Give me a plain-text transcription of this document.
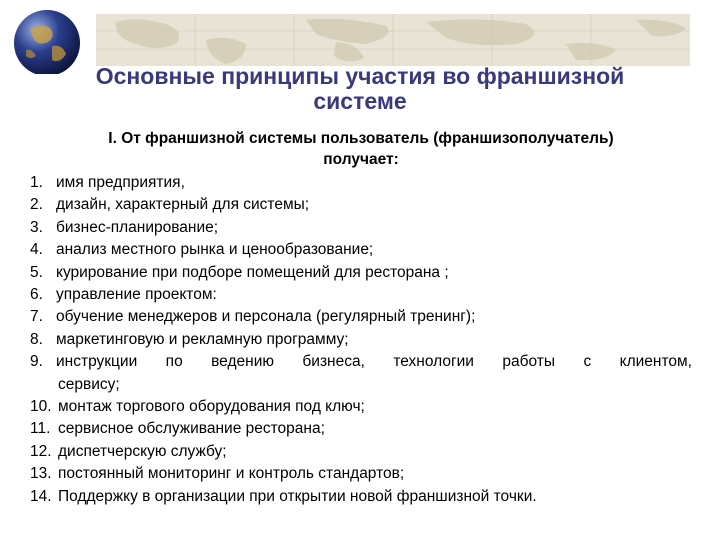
Основные принципы участия во франшизной
системе
I. От франшизной системы пользователь (франшизополучатель)
получает:
1. имя предприятия,
2. дизайн, характерный для системы;
3. бизнес-планирование;
4. анализ местного рынка и ценообразование;
5. курирование при подборе помещений для ресторана ;
6. управление проектом:
7. обучение менеджеров и персонала (регулярный тренинг);
8. маркетинговую и рекламную программу;
9. инструкции по ведению бизнеса, технологии работы с клиентом,
сервису;
10. монтаж торгового оборудования под ключ;
11. сервисное обслуживание ресторана;
12. диспетчерскую службу;
13. постоянный мониторинг и контроль стандартов;
14. Поддержку в организации при открытии новой франшизной точки.
